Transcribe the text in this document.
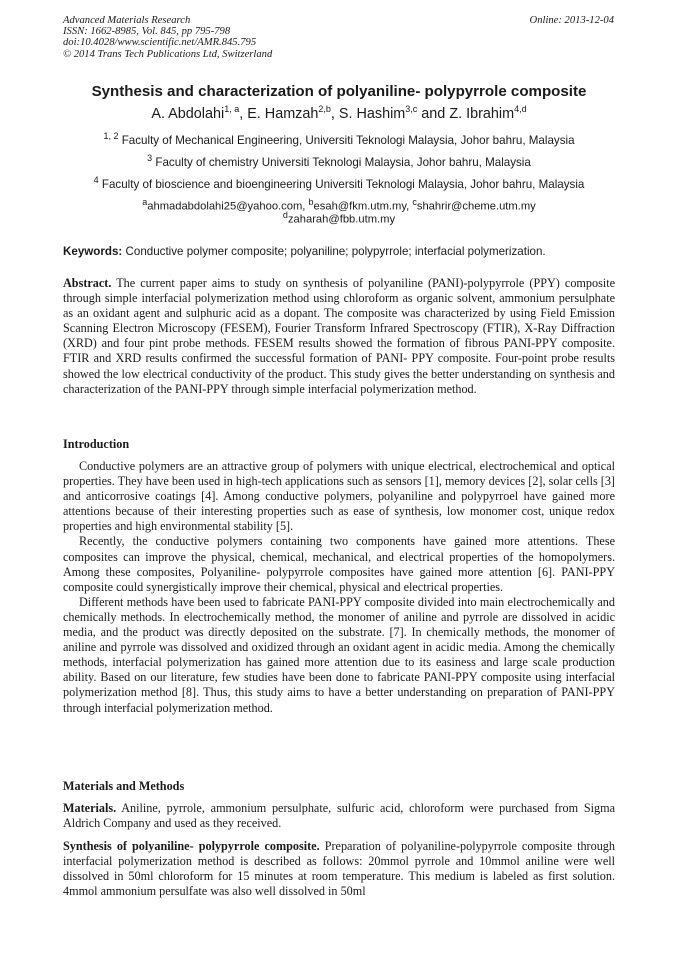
Advanced Materials Research
ISSN: 1662-8985, Vol. 845, pp 795-798
doi:10.4028/www.scientific.net/AMR.845.795
© 2014 Trans Tech Publications Ltd, Switzerland
Online: 2013-12-04
Synthesis and characterization of polyaniline- polypyrrole composite
A. Abdolahi$^{1, a}$, E. Hamzah$^{2,b}$, S. Hashim$^{3,c}$ and Z. Ibrahim$^{4,d}$
$^{1, 2}$ Faculty of Mechanical Engineering, Universiti Teknologi Malaysia, Johor bahru, Malaysia
$^3$ Faculty of chemistry Universiti Teknologi Malaysia, Johor bahru, Malaysia
$^4$ Faculty of bioscience and bioengineering Universiti Teknologi Malaysia, Johor bahru, Malaysia
$^a$ahmadabdolahi25@yahoo.com, $^b$esah@fkm.utm.my, $^c$shahrir@cheme.utm.my
$^d$zaharah@fbb.utm.my
Keywords: Conductive polymer composite; polyaniline; polypyrrole; interfacial polymerization.

Abstract. The current paper aims to study on synthesis of polyaniline (PANI)-polypyrrole (PPY) composite through simple interfacial polymerization method using chloroform as organic solvent, ammonium persulphate as an oxidant agent and sulphuric acid as a dopant. The composite was characterized by using Field Emission Scanning Electron Microscopy (FESEM), Fourier Transform Infrared Spectroscopy (FTIR), X-Ray Diffraction (XRD) and four pint probe methods. FESEM results showed the formation of fibrous PANI-PPY composite. FTIR and XRD results confirmed the successful formation of PANI- PPY composite. Four-point probe results showed the low electrical conductivity of the product. This study gives the better understanding on synthesis and characterization of the PANI-PPY through simple interfacial polymerization method.

Introduction

Conductive polymers are an attractive group of polymers with unique electrical, electrochemical and optical properties. They have been used in high-tech applications such as sensors [1], memory devices [2], solar cells [3] and anticorrosive coatings [4]. Among conductive polymers, polyaniline and polypyrroel have gained more attentions because of their interesting properties such as ease of synthesis, low monomer cost, unique redox properties and high environmental stability [5].

Recently, the conductive polymers containing two components have gained more attentions. These composites can improve the physical, chemical, mechanical, and electrical properties of the homopolymers. Among these composites, Polyaniline- polypyrrole composites have gained more attention [6]. PANI-PPY composite could synergistically improve their chemical, physical and electrical properties.

Different methods have been used to fabricate PANI-PPY composite divided into main electrochemically and chemically methods. In electrochemically method, the monomer of aniline and pyrrole are dissolved in acidic media, and the product was directly deposited on the substrate. [7]. In chemically methods, the monomer of aniline and pyrrole was dissolved and oxidized through an oxidant agent in acidic media. Among the chemically methods, interfacial polymerization has gained more attention due to its easiness and large scale production ability. Based on our literature, few studies have been done to fabricate PANI-PPY composite using interfacial polymerization method [8]. Thus, this study aims to have a better understanding on preparation of PANI-PPY through interfacial polymerization method.

Materials and Methods

Materials. Aniline, pyrrole, ammonium persulphate, sulfuric acid, chloroform were purchased from Sigma Aldrich Company and used as they received.

Synthesis of polyaniline- polypyrrole composite. Preparation of polyaniline-polypyrrole composite through interfacial polymerization method is described as follows: 20mmol pyrrole and 10mmol aniline were well dissolved in 50ml chloroform for 15 minutes at room temperature. This medium is labeled as first solution. 4mmol ammonium persulfate was also well dissolved in 50ml
